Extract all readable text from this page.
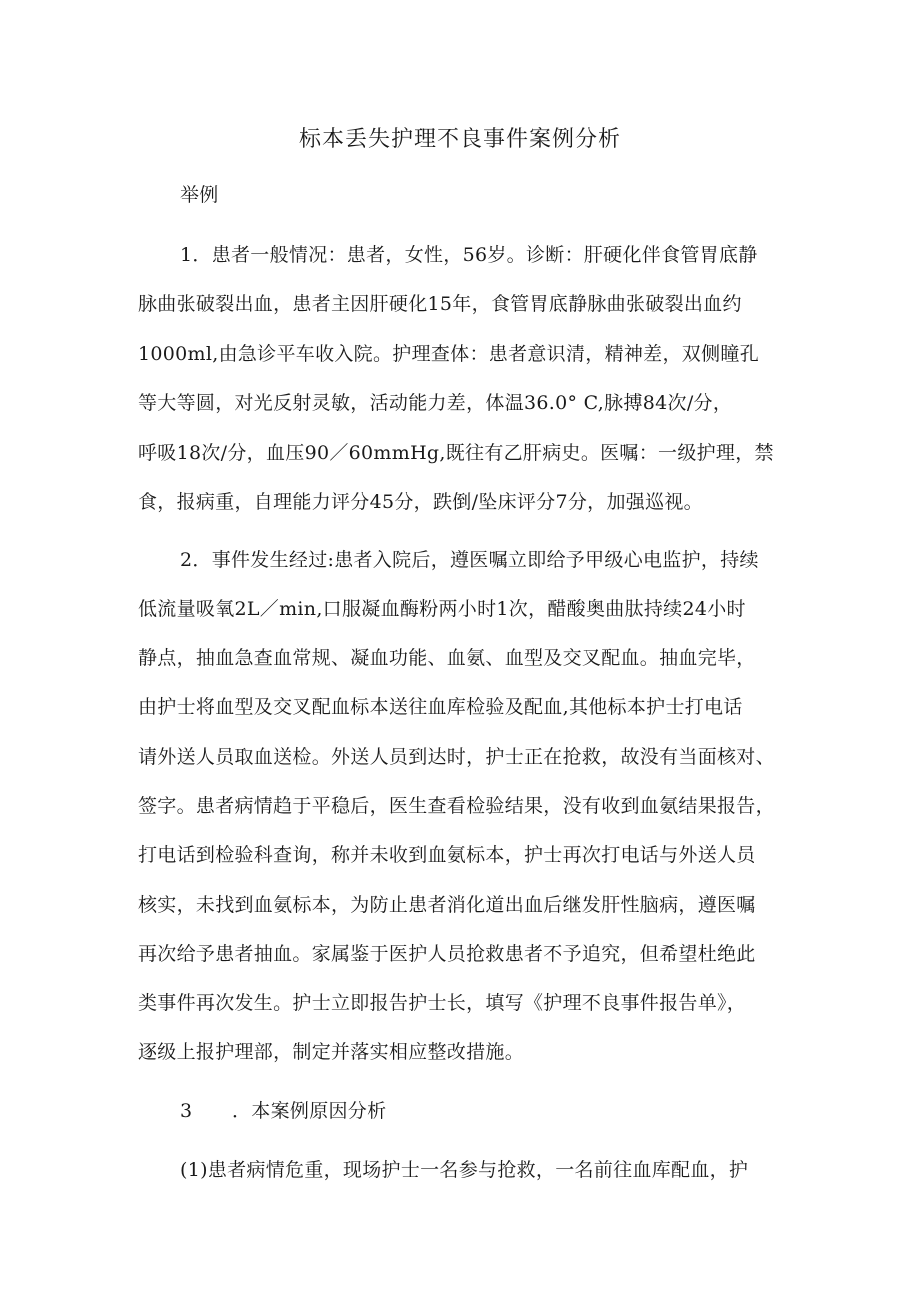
标本丢失护理不良事件案例分析
举例
1．患者一般情况：患者，女性，56岁。诊断：肝硬化伴食管胃底静
脉曲张破裂出血，患者主因肝硬化15年，食管胃底静脉曲张破裂出血约
1000ml,由急诊平车收入院。护理查体：患者意识清，精神差，双侧瞳孔
等大等圆，对光反射灵敏，活动能力差，体温36.0° C,脉搏84次/分，
呼吸18次/分，血压90／60mmHg,既往有乙肝病史。医嘱：一级护理，禁
食，报病重，自理能力评分45分，跌倒/坠床评分7分，加强巡视。
2．事件发生经过:患者入院后，遵医嘱立即给予甲级心电监护，持续
低流量吸氧2L／min,口服凝血酶粉两小时1次，醋酸奥曲肽持续24小时
静点，抽血急查血常规、凝血功能、血氨、血型及交叉配血。抽血完毕，
由护士将血型及交叉配血标本送往血库检验及配血,其他标本护士打电话
请外送人员取血送检。外送人员到达时，护士正在抢救，故没有当面核对、
签字。患者病情趋于平稳后，医生查看检验结果，没有收到血氨结果报告，
打电话到检验科查询，称并未收到血氨标本，护士再次打电话与外送人员
核实，未找到血氨标本，为防止患者消化道出血后继发肝性脑病，遵医嘱
再次给予患者抽血。家属鉴于医护人员抢救患者不予追究，但希望杜绝此
类事件再次发生。护士立即报告护士长，填写《护理不良事件报告单》，
逐级上报护理部，制定并落实相应整改措施。
3 ．本案例原因分析
(1)患者病情危重，现场护士一名参与抢救，一名前往血库配血，护
